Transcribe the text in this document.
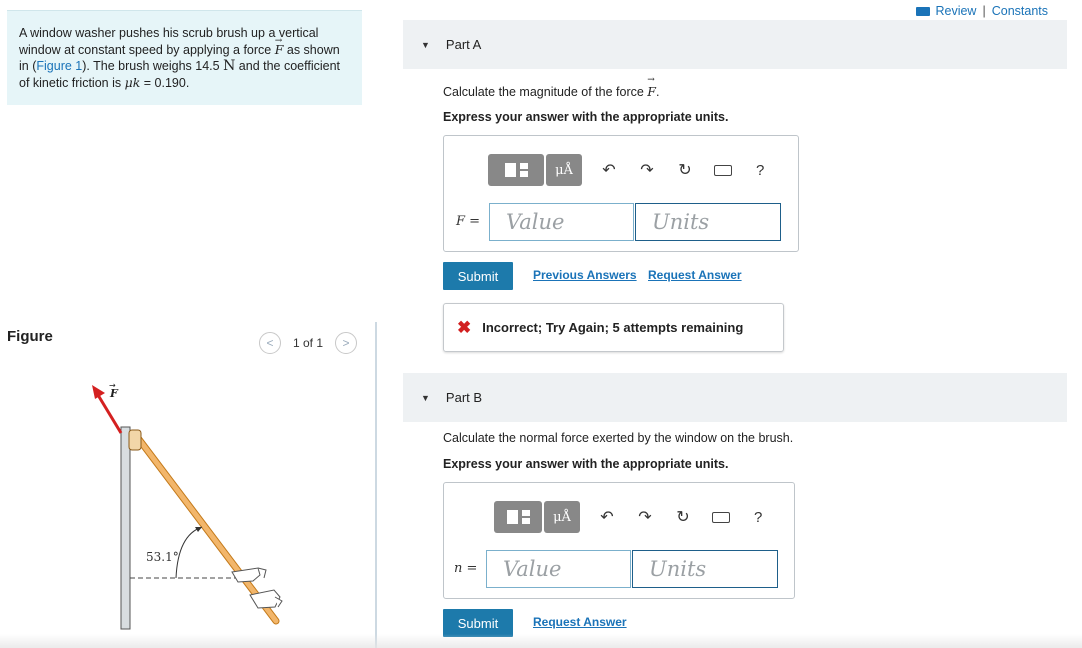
A window washer pushes his scrub brush up a vertical window at constant speed by applying a force → F as shown in (Figure 1). The brush weighs 14.5 N and the coefficient of kinetic friction is μk = 0.190.
Figure	< 1 of 1 >
F
→
53.1°
Review | Constants
▼ Part A
Calculate the magnitude of the force → F.
Express your answer with the appropriate units.
μÅ	↶	↷	↻	?
F =	Value	Units
Submit	Previous Answers Request Answer
✖ Incorrect; Try Again; 5 attempts remaining
▼ Part B
Calculate the normal force exerted by the window on the brush.
Express your answer with the appropriate units.
μÅ	↶	↷	↻	?
n =	Value	Units
Submit	Request Answer
